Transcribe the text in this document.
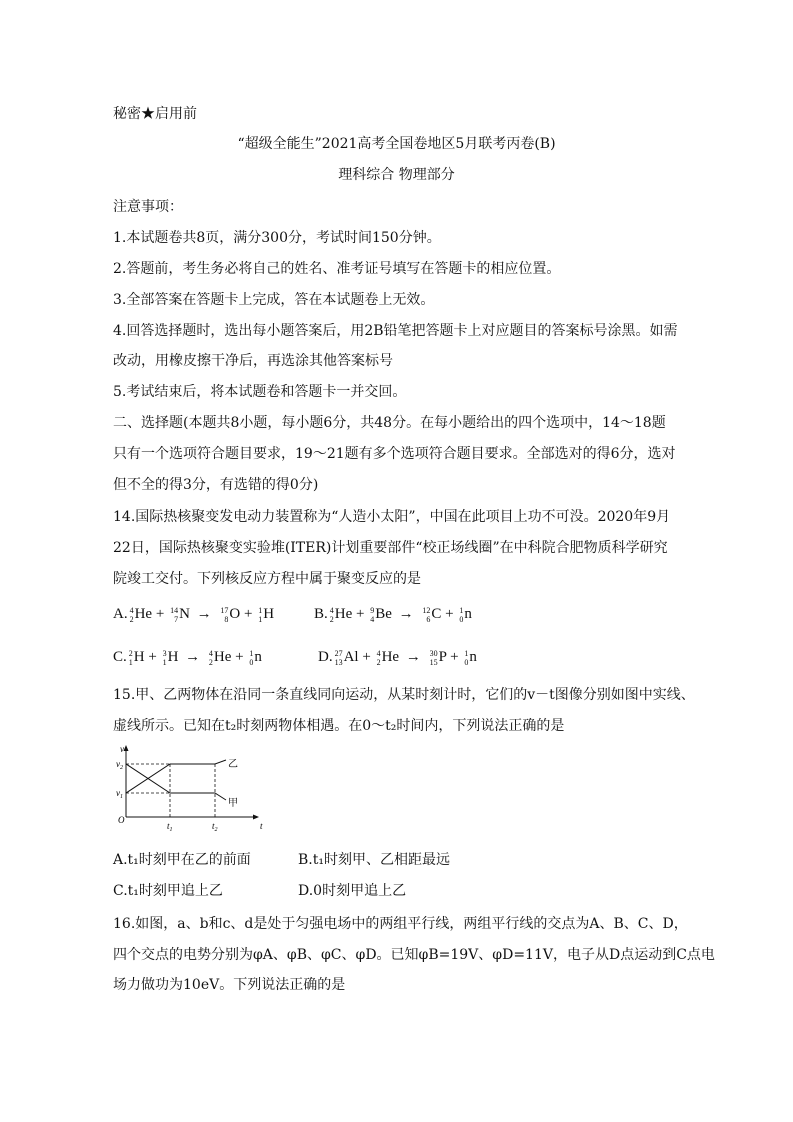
秘密★启用前
“超级全能生”2021高考全国卷地区5月联考丙卷(B)
理科综合 物理部分
注意事项：
1.本试题卷共8页，满分300分，考试时间150分钟。
2.答题前，考生务必将自己的姓名、准考证号填写在答题卡的相应位置。
3.全部答案在答题卡上完成，答在本试题卷上无效。
4.回答选择题时，选出每小题答案后，用2B铅笔把答题卡上对应题目的答案标号涂黑。如需
改动，用橡皮擦干净后，再选涂其他答案标号
5.考试结束后，将本试题卷和答题卡一并交回。
二、选择题(本题共8小题，每小题6分，共48分。在每小题给出的四个选项中，14～18题
只有一个选项符合题目要求，19～21题有多个选项符合题目要求。全部选对的得6分，选对
但不全的得3分，有选错的得0分)
14.国际热核聚变发电动力装置称为“人造小太阳”，中国在此项目上功不可没。2020年9月
22日，国际热核聚变实验堆(ITER)计划重要部件“校正场线圈”在中科院合肥物质科学研究
院竣工交付。下列核反应方程中属于聚变反应的是
A. 4
2 He + 14
7 N → 17
8 O + 1
1 H	B. 4
2 He + 9
4 Be → 12
6 C + 1
0 n
C. 2
1 H + 3
1 H → 4
2 He + 1
0 n	D. 27
13 Al + 4
2 He → 30
15 P + 1
0 n
15.甲、乙两物体在沿同一条直线同向运动，从某时刻计时，它们的v－t图像分别如图中实线、
虚线所示。已知在t₂时刻两物体相遇。在0～t₂时间内，下列说法正确的是
v
t
O
$v_2$
$v_1$
$t_1$	$t_2$
乙
甲
A.t₁时刻甲在乙的前面	B.t₁时刻甲、乙相距最远
C.t₁时刻甲追上乙	D.0时刻甲追上乙
16.如图，a、b和c、d是处于匀强电场中的两组平行线，两组平行线的交点为A、B、C、D，
四个交点的电势分别为φA、φB、φC、φD。已知φB=19V、φD=11V，电子从D点运动到C点电
场力做功为10eV。下列说法正确的是
